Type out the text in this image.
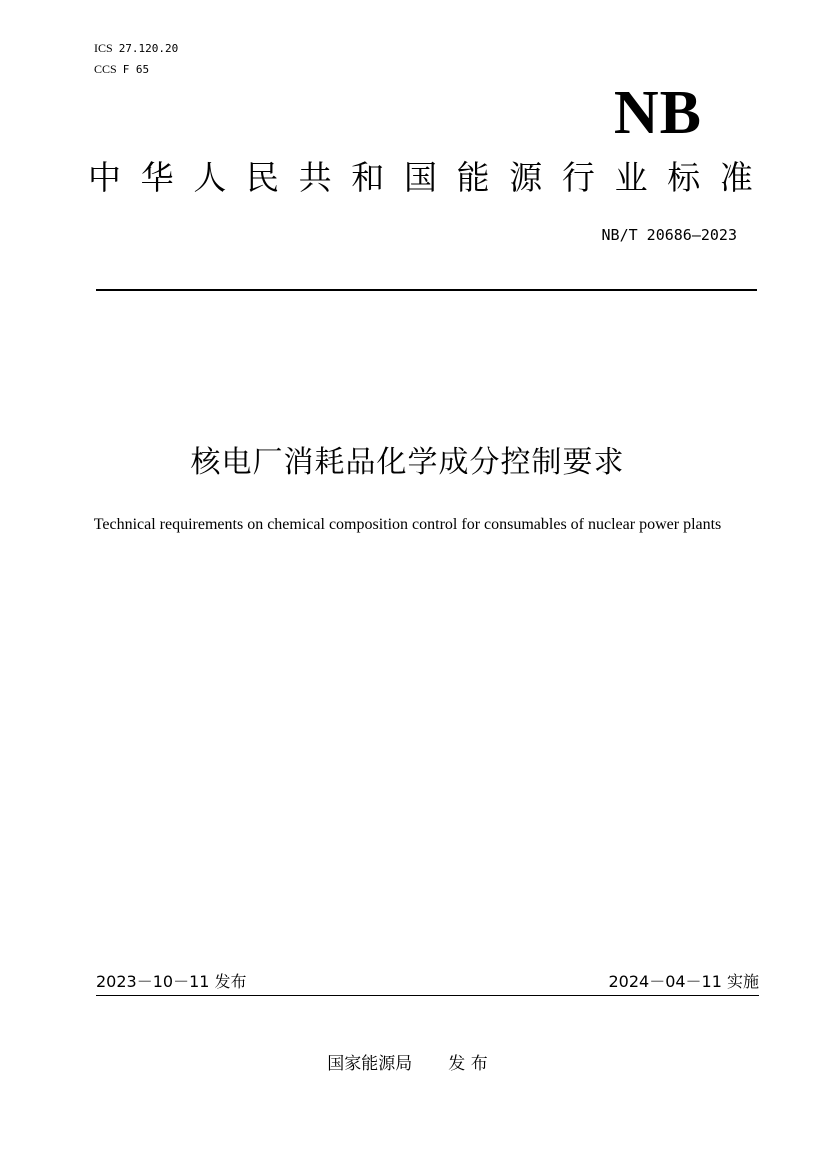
ICS 27.120.20
CCS F 65
NB
中 华 人 民 共 和 国 能 源 行 业 标 准
NB/T 20686—2023
核电厂消耗品化学成分控制要求
Technical requirements on chemical composition control for consumables of nuclear power plants
2023－10－11 发布	2024－04－11 实施
国家能源局 发 布
